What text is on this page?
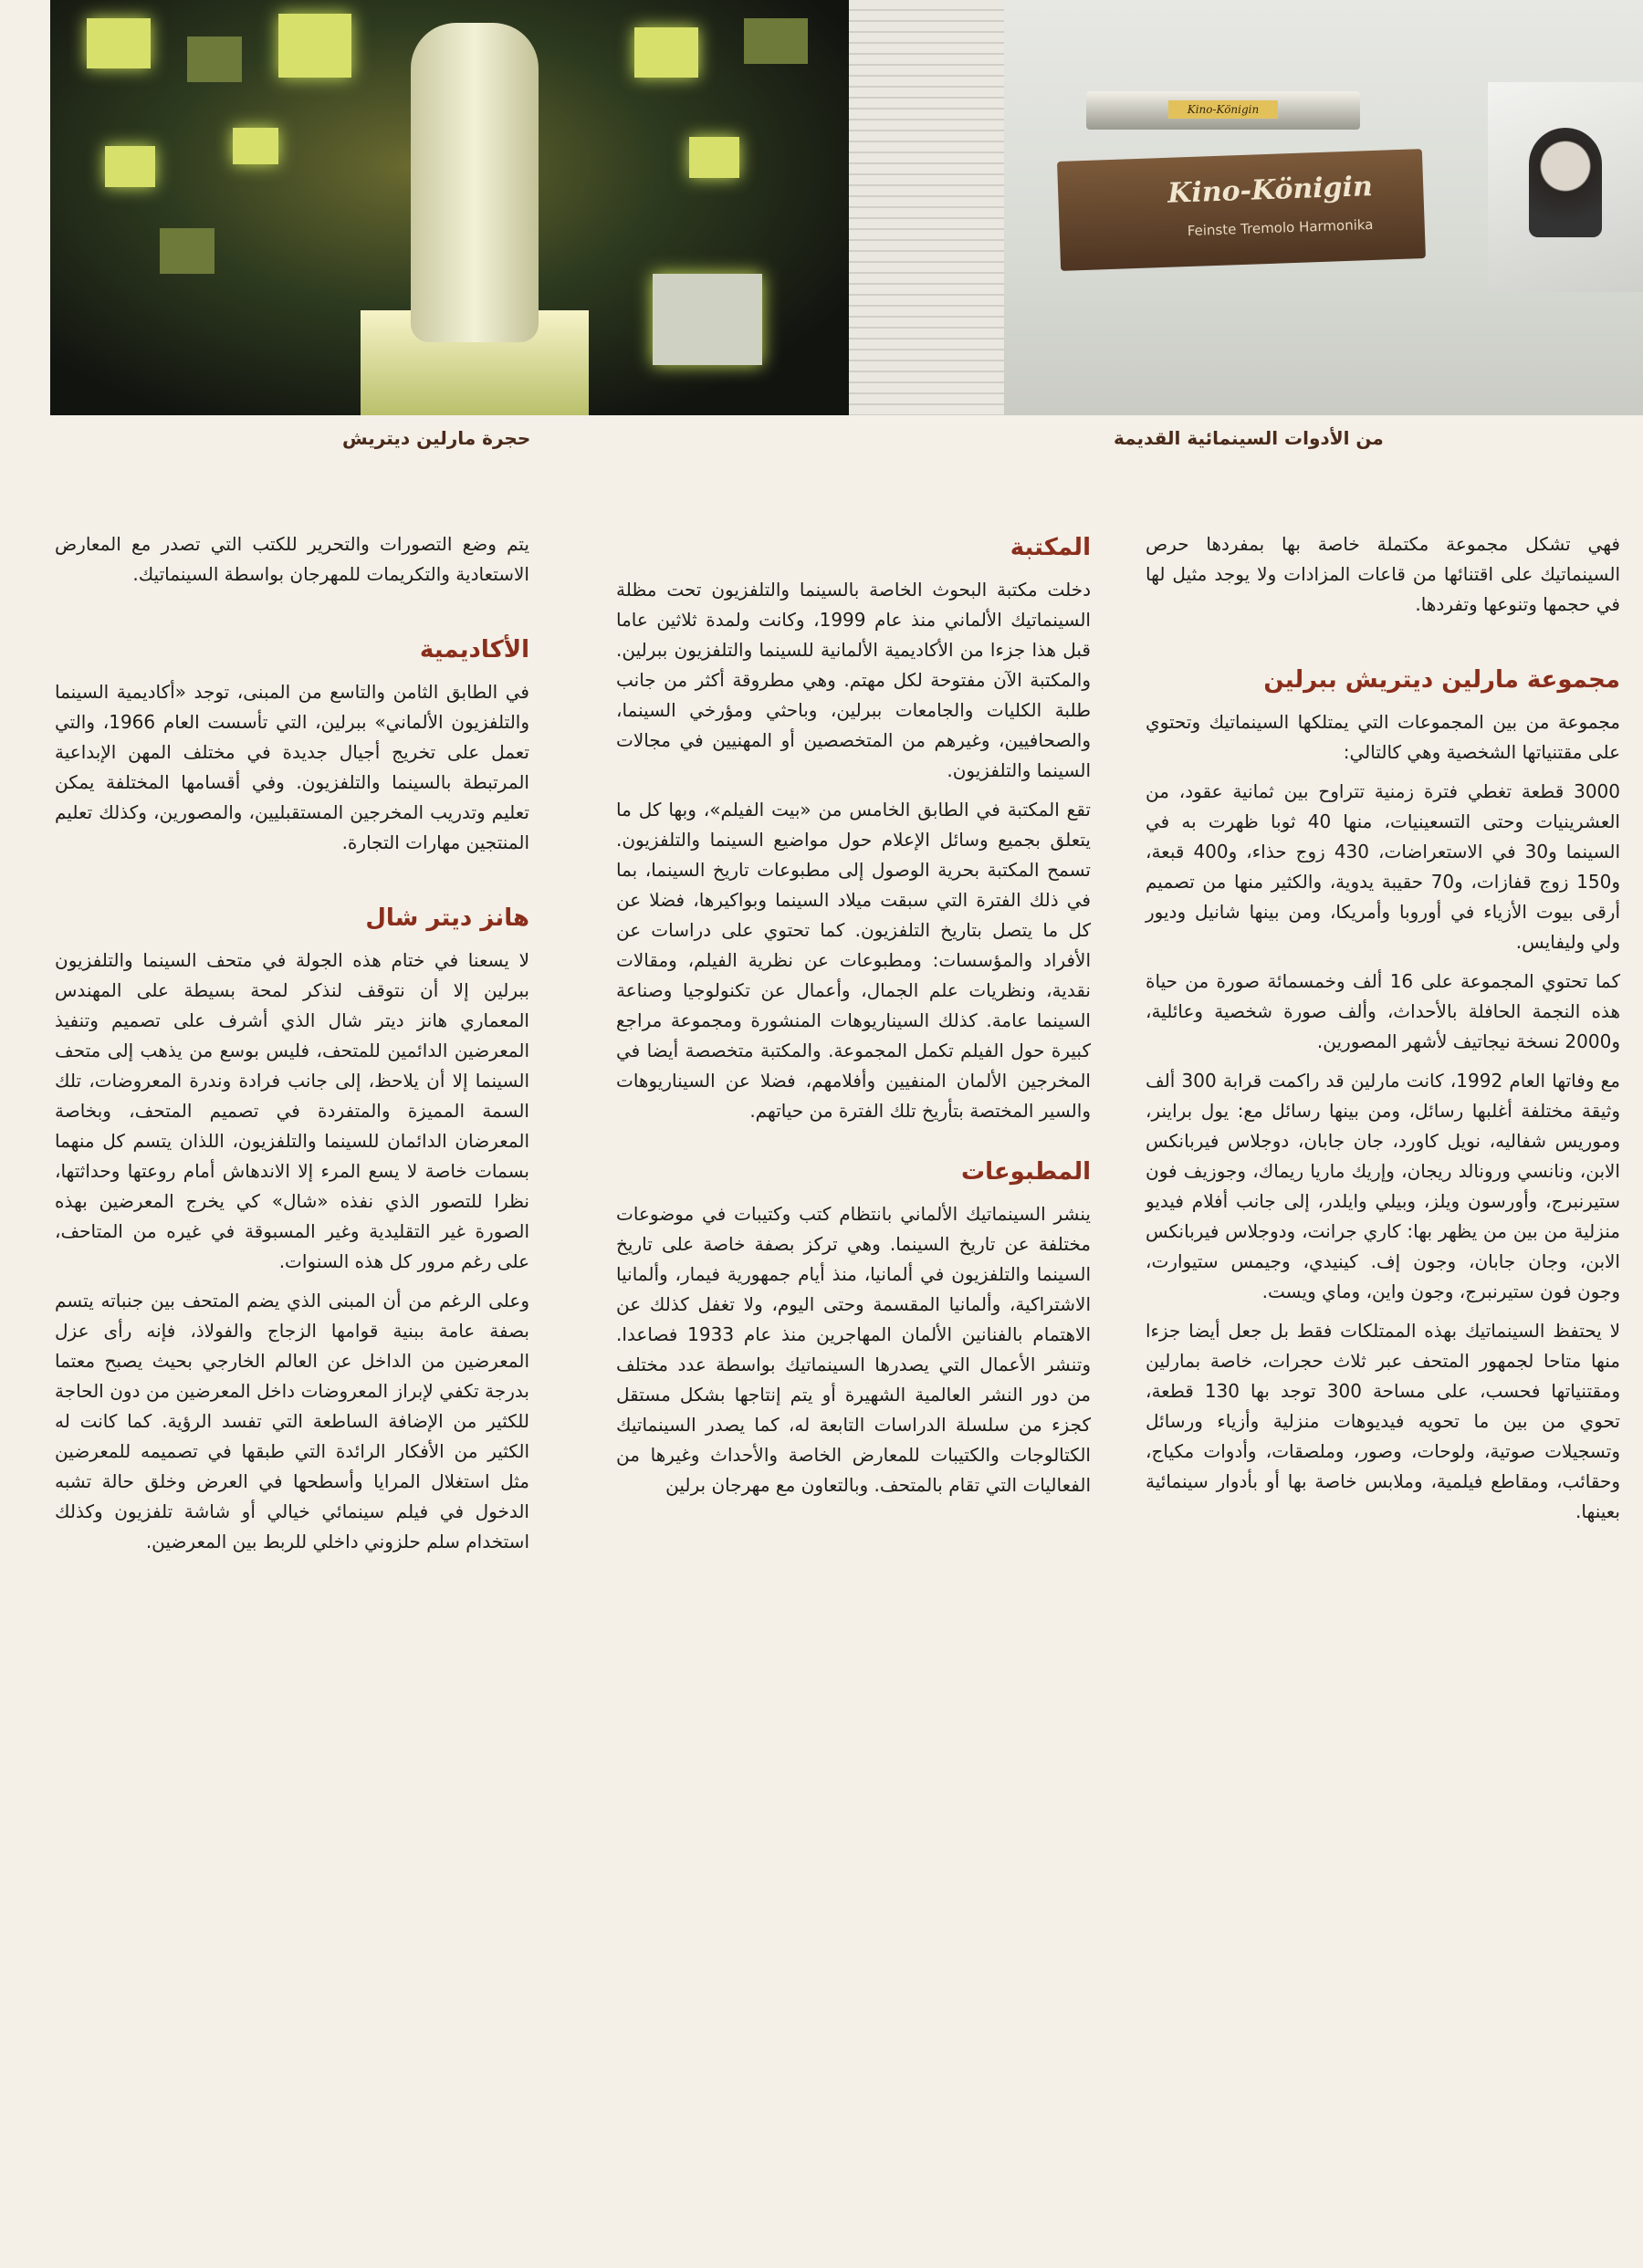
Kino-Königin
Kino-Königin
Feinste Tremolo Harmonika
حجرة مارلين ديتريش	من الأدوات السينمائية القديمة

فهي تشكل مجموعة مكتملة خاصة بها بمفردها حرص السينماتيك على اقتنائها من قاعات المزادات ولا يوجد مثيل لها في حجمها وتنوعها وتفردها.

مجموعة مارلين ديتريش ببرلين

مجموعة من بين المجموعات التي يمتلكها السينماتيك وتحتوي على مقتنياتها الشخصية وهي كالتالي:

3000 قطعة تغطي فترة زمنية تتراوح بين ثمانية عقود، من العشرينيات وحتى التسعينيات، منها 40 ثوبا ظهرت به في السينما و30 في الاستعراضات، 430 زوج حذاء، و400 قبعة، و150 زوج قفازات، و70 حقيبة يدوية، والكثير منها من تصميم أرقى بيوت الأزياء في أوروبا وأمريكا، ومن بينها شانيل وديور ولي وليفايس.

كما تحتوي المجموعة على 16 ألف وخمسمائة صورة من حياة هذه النجمة الحافلة بالأحداث، وألف صورة شخصية وعائلية، و2000 نسخة نيجاتيف لأشهر المصورين.

مع وفاتها العام 1992، كانت مارلين قد راكمت قرابة 300 ألف وثيقة مختلفة أغلبها رسائل، ومن بينها رسائل مع: يول براينر، وموريس شفاليه، نويل كاورد، جان جابان، دوجلاس فيربانكس الابن، ونانسي ورونالد ريجان، وإريك ماريا ريماك، وجوزيف فون ستيرنبرج، وأورسون ويلز، وبيلي وايلدر، إلى جانب أفلام فيديو منزلية من بين من يظهر بها: كاري جرانت، ودوجلاس فيربانكس الابن، وجان جابان، وجون إف. كينيدي، وجيمس ستيوارت، وجون فون ستيرنبرج، وجون واين، وماي ويست.

لا يحتفظ السينماتيك بهذه الممتلكات فقط بل جعل أيضا جزءا منها متاحا لجمهور المتحف عبر ثلاث حجرات، خاصة بمارلين ومقتنياتها فحسب، على مساحة 300 توجد بها 130 قطعة، تحوي من بين ما تحويه فيديوهات منزلية وأزياء ورسائل وتسجيلات صوتية، ولوحات، وصور، وملصقات، وأدوات مكياج، وحقائب، ومقاطع فيلمية، وملابس خاصة بها أو بأدوار سينمائية بعينها.

المكتبة

دخلت مكتبة البحوث الخاصة بالسينما والتلفزيون تحت مظلة السينماتيك الألماني منذ عام 1999، وكانت ولمدة ثلاثين عاما قبل هذا جزءا من الأكاديمية الألمانية للسينما والتلفزيون ببرلين. والمكتبة الآن مفتوحة لكل مهتم. وهي مطروقة أكثر من جانب طلبة الكليات والجامعات ببرلين، وباحثي ومؤرخي السينما، والصحافيين، وغيرهم من المتخصصين أو المهنيين في مجالات السينما والتلفزيون.

تقع المكتبة في الطابق الخامس من «بيت الفيلم»، وبها كل ما يتعلق بجميع وسائل الإعلام حول مواضيع السينما والتلفزيون. تسمح المكتبة بحرية الوصول إلى مطبوعات تاريخ السينما، بما في ذلك الفترة التي سبقت ميلاد السينما وبواكيرها، فضلا عن كل ما يتصل بتاريخ التلفزيون. كما تحتوي على دراسات عن الأفراد والمؤسسات: ومطبوعات عن نظرية الفيلم، ومقالات نقدية، ونظريات علم الجمال، وأعمال عن تكنولوجيا وصناعة السينما عامة. كذلك السيناريوهات المنشورة ومجموعة مراجع كبيرة حول الفيلم تكمل المجموعة. والمكتبة متخصصة أيضا في المخرجين الألمان المنفيين وأفلامهم، فضلا عن السيناريوهات والسير المختصة بتأريخ تلك الفترة من حياتهم.

المطبوعات

ينشر السينماتيك الألماني بانتظام كتب وكتيبات في موضوعات مختلفة عن تاريخ السينما. وهي تركز بصفة خاصة على تاريخ السينما والتلفزيون في ألمانيا، منذ أيام جمهورية فيمار، وألمانيا الاشتراكية، وألمانيا المقسمة وحتى اليوم، ولا تغفل كذلك عن الاهتمام بالفنانين الألمان المهاجرين منذ عام 1933 فصاعدا. وتنشر الأعمال التي يصدرها السينماتيك بواسطة عدد مختلف من دور النشر العالمية الشهيرة أو يتم إنتاجها بشكل مستقل كجزء من سلسلة الدراسات التابعة له، كما يصدر السينماتيك الكتالوجات والكتيبات للمعارض الخاصة والأحداث وغيرها من الفعاليات التي تقام بالمتحف. وبالتعاون مع مهرجان برلين

يتم وضع التصورات والتحرير للكتب التي تصدر مع المعارض الاستعادية والتكريمات للمهرجان بواسطة السينماتيك.

الأكاديمية

في الطابق الثامن والتاسع من المبنى، توجد «أكاديمية السينما والتلفزيون الألماني» ببرلين، التي تأسست العام 1966، والتي تعمل على تخريج أجيال جديدة في مختلف المهن الإبداعية المرتبطة بالسينما والتلفزيون. وفي أقسامها المختلفة يمكن تعليم وتدريب المخرجين المستقبليين، والمصورين، وكذلك تعليم المنتجين مهارات التجارة.

هانز ديتر شال

لا يسعنا في ختام هذه الجولة في متحف السينما والتلفزيون ببرلين إلا أن نتوقف لنذكر لمحة بسيطة على المهندس المعماري هانز ديتر شال الذي أشرف على تصميم وتنفيذ المعرضين الدائمين للمتحف، فليس بوسع من يذهب إلى متحف السينما إلا أن يلاحظ، إلى جانب فرادة وندرة المعروضات، تلك السمة المميزة والمتفردة في تصميم المتحف، وبخاصة المعرضان الدائمان للسينما والتلفزيون، اللذان يتسم كل منهما بسمات خاصة لا يسع المرء إلا الاندهاش أمام روعتها وحداثتها، نظرا للتصور الذي نفذه «شال» كي يخرج المعرضين بهذه الصورة غير التقليدية وغير المسبوقة في غيره من المتاحف، على رغم مرور كل هذه السنوات.

وعلى الرغم من أن المبنى الذي يضم المتحف بين جنباته يتسم بصفة عامة ببنية قوامها الزجاج والفولاذ، فإنه رأى عزل المعرضين من الداخل عن العالم الخارجي بحيث يصبح معتما بدرجة تكفي لإبراز المعروضات داخل المعرضين من دون الحاجة للكثير من الإضافة الساطعة التي تفسد الرؤية. كما كانت له الكثير من الأفكار الرائدة التي طبقها في تصميمه للمعرضين مثل استغلال المرايا وأسطحها في العرض وخلق حالة تشبه الدخول في فيلم سينمائي خيالي أو شاشة تلفزيون وكذلك استخدام سلم حلزوني داخلي للربط بين المعرضين.
